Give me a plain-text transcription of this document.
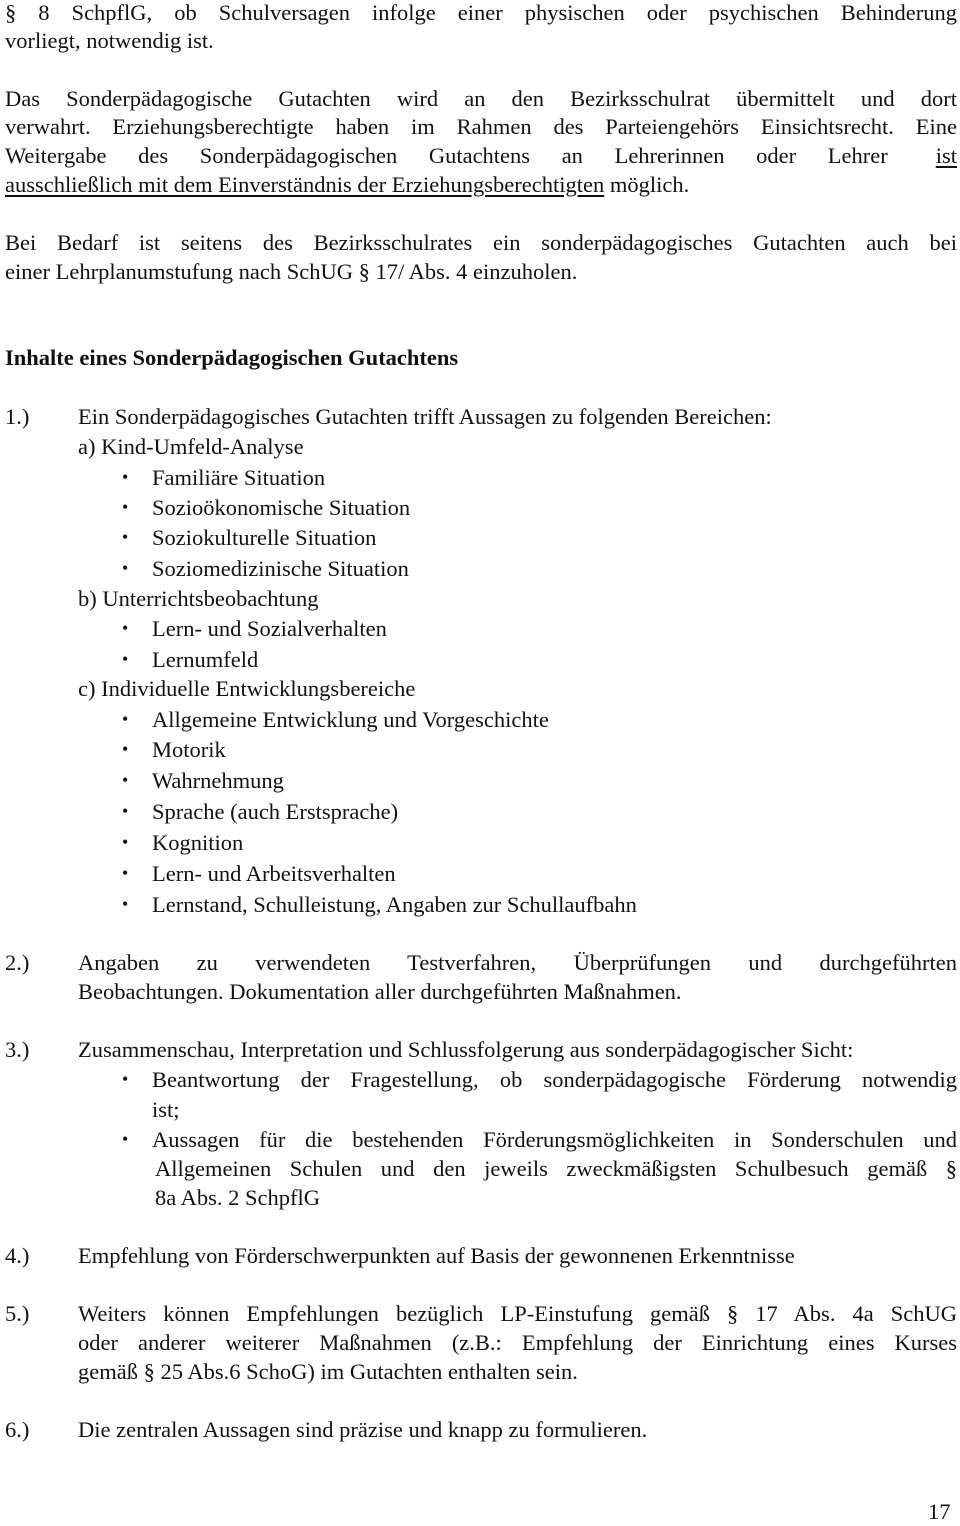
§ 8 SchpflG, ob Schulversagen infolge einer physischen oder psychischen Behinderung
vorliegt, notwendig ist.
Das Sonderpädagogische Gutachten wird an den Bezirksschulrat übermittelt und dort
verwahrt. Erziehungsberechtigte haben im Rahmen des Parteiengehörs Einsichtsrecht. Eine
Weitergabe des Sonderpädagogischen Gutachtens an Lehrerinnen oder Lehrer ist
ausschließlich mit dem Einverständnis der Erziehungsberechtigten möglich.
Bei Bedarf ist seitens des Bezirksschulrates ein sonderpädagogisches Gutachten auch bei
einer Lehrplanumstufung nach SchUG § 17/ Abs. 4 einzuholen.
Inhalte eines Sonderpädagogischen Gutachtens
1.) Ein Sonderpädagogisches Gutachten trifft Aussagen zu folgenden Bereichen:
a) Kind-Umfeld-Analyse
• Familiäre Situation
• Sozioökonomische Situation
• Soziokulturelle Situation
• Soziomedizinische Situation
b) Unterrichtsbeobachtung
• Lern- und Sozialverhalten
• Lernumfeld
c) Individuelle Entwicklungsbereiche
• Allgemeine Entwicklung und Vorgeschichte
• Motorik
• Wahrnehmung
• Sprache (auch Erstsprache)
• Kognition
• Lern- und Arbeitsverhalten
• Lernstand, Schulleistung, Angaben zur Schullaufbahn
2.) Angaben zu verwendeten Testverfahren, Überprüfungen und durchgeführten
Beobachtungen. Dokumentation aller durchgeführten Maßnahmen.
3.) Zusammenschau, Interpretation und Schlussfolgerung aus sonderpädagogischer Sicht:
• Beantwortung der Fragestellung, ob sonderpädagogische Förderung notwendig
ist;
• Aussagen für die bestehenden Förderungsmöglichkeiten in Sonderschulen und
Allgemeinen Schulen und den jeweils zweckmäßigsten Schulbesuch gemäß §
8a Abs. 2 SchpflG
4.) Empfehlung von Förderschwerpunkten auf Basis der gewonnenen Erkenntnisse
5.) Weiters können Empfehlungen bezüglich LP-Einstufung gemäß § 17 Abs. 4a SchUG
oder anderer weiterer Maßnahmen (z.B.: Empfehlung der Einrichtung eines Kurses
gemäß § 25 Abs.6 SchoG) im Gutachten enthalten sein.
6.) Die zentralen Aussagen sind präzise und knapp zu formulieren.
17
